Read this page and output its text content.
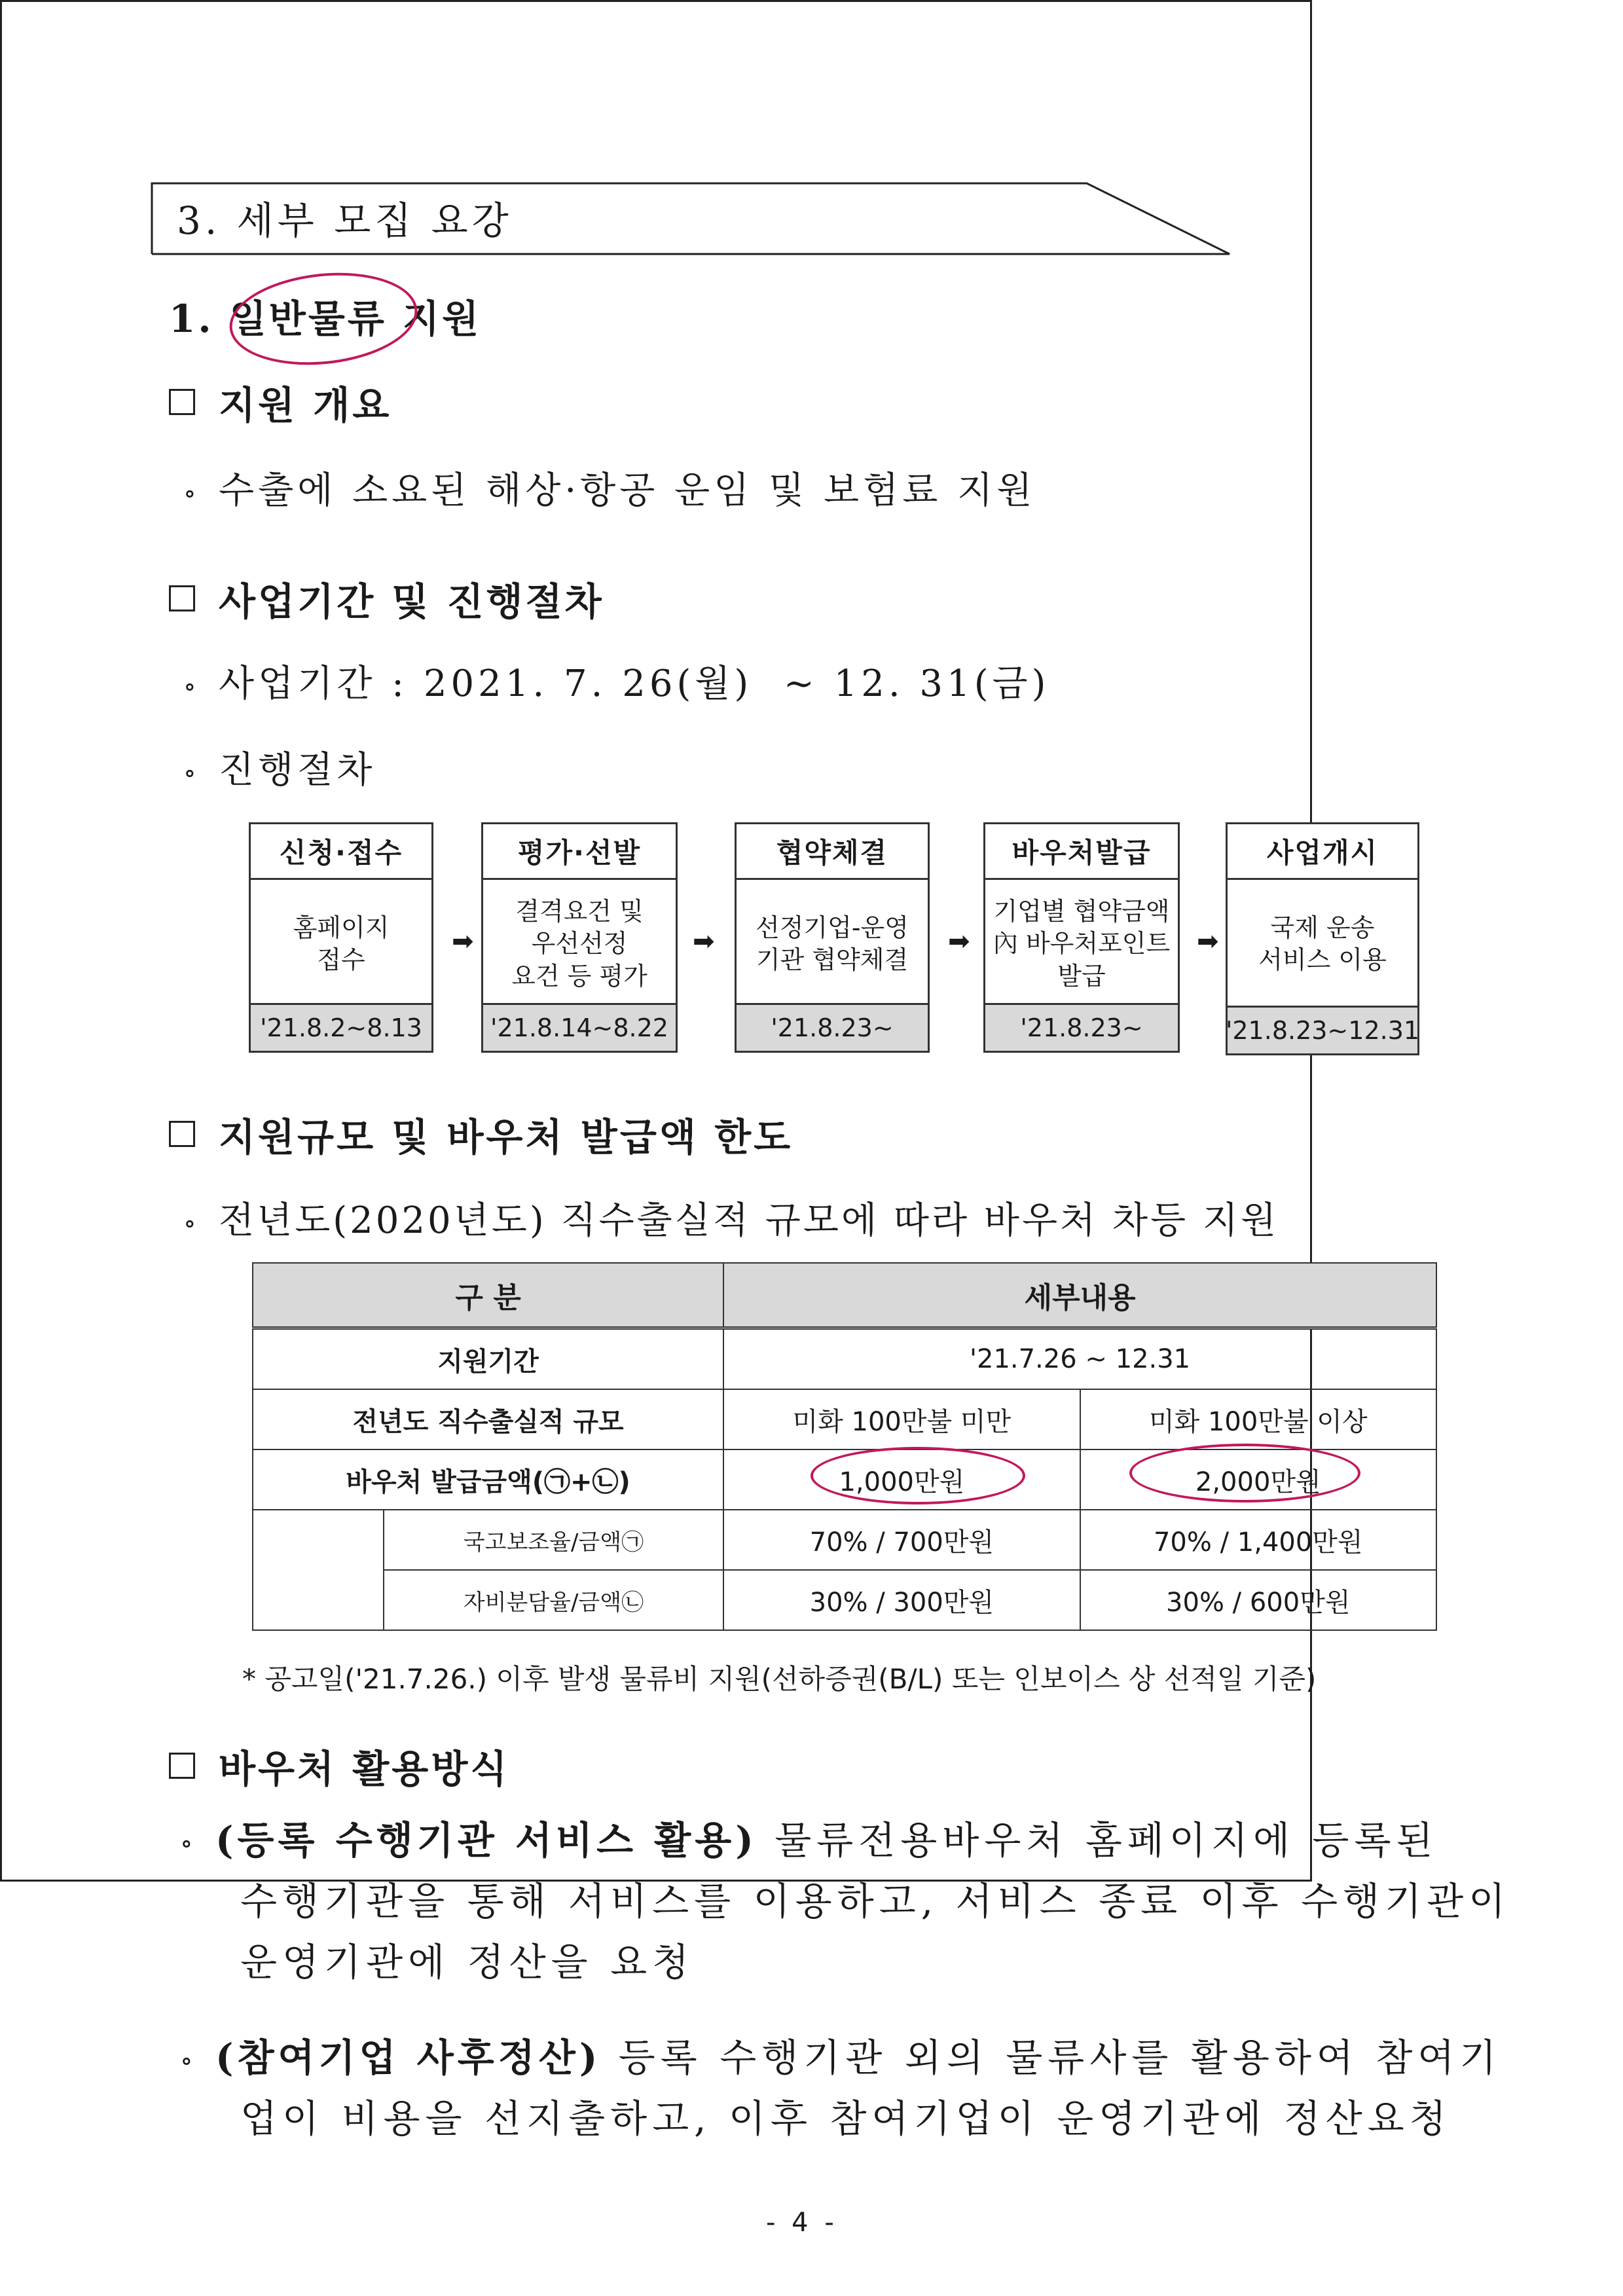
3. 세부 모집 요강
1. 일반물류 지원
지원 개요
∘ 수출에 소요된 해상·항공 운임 및 보험료 지원
사업기간 및 진행절차
∘ 사업기간 : 2021. 7. 26(월)  ~ 12. 31(금)
∘ 진행절차
신청·접수
홈페이지
접수
'21.8.2~8.13
➡
평가·선발
결격요건 및
우선선정
요건 등 평가
'21.8.14~8.22
➡
협약체결
선정기업-운영
기관 협약체결
'21.8.23~
➡
바우처발급
기업별 협약금액
內 바우처포인트
발급
'21.8.23~
➡
사업개시
국제 운송
서비스 이용
'21.8.23~12.31
지원규모 및 바우처 발급액 한도
∘ 전년도(2020년도) 직수출실적 규모에 따라 바우처 차등 지원
구 분		세부내용	
지원기간		'21.7.26 ~ 12.31	
전년도 직수출실적 규모		미화 100만불 미만	미화 100만불 이상
바우처 발급금액(㉠+㉡)		1,000만원	2,000만원
	국고보조율/금액㉠	70% / 700만원	70% / 1,400만원
	자비분담율/금액㉡	30% / 300만원	30% / 600만원
* 공고일('21.7.26.) 이후 발생 물류비 지원(선하증권(B/L) 또는 인보이스 상 선적일 기준)
바우처 활용방식
∘ (등록 수행기관 서비스 활용) 물류전용바우처 홈페이지에 등록된
수행기관을 통해 서비스를 이용하고, 서비스 종료 이후 수행기관이
운영기관에 정산을 요청
∘ (참여기업 사후정산) 등록 수행기관 외의 물류사를 활용하여 참여기
업이 비용을 선지출하고, 이후 참여기업이 운영기관에 정산요청
- 4 -
